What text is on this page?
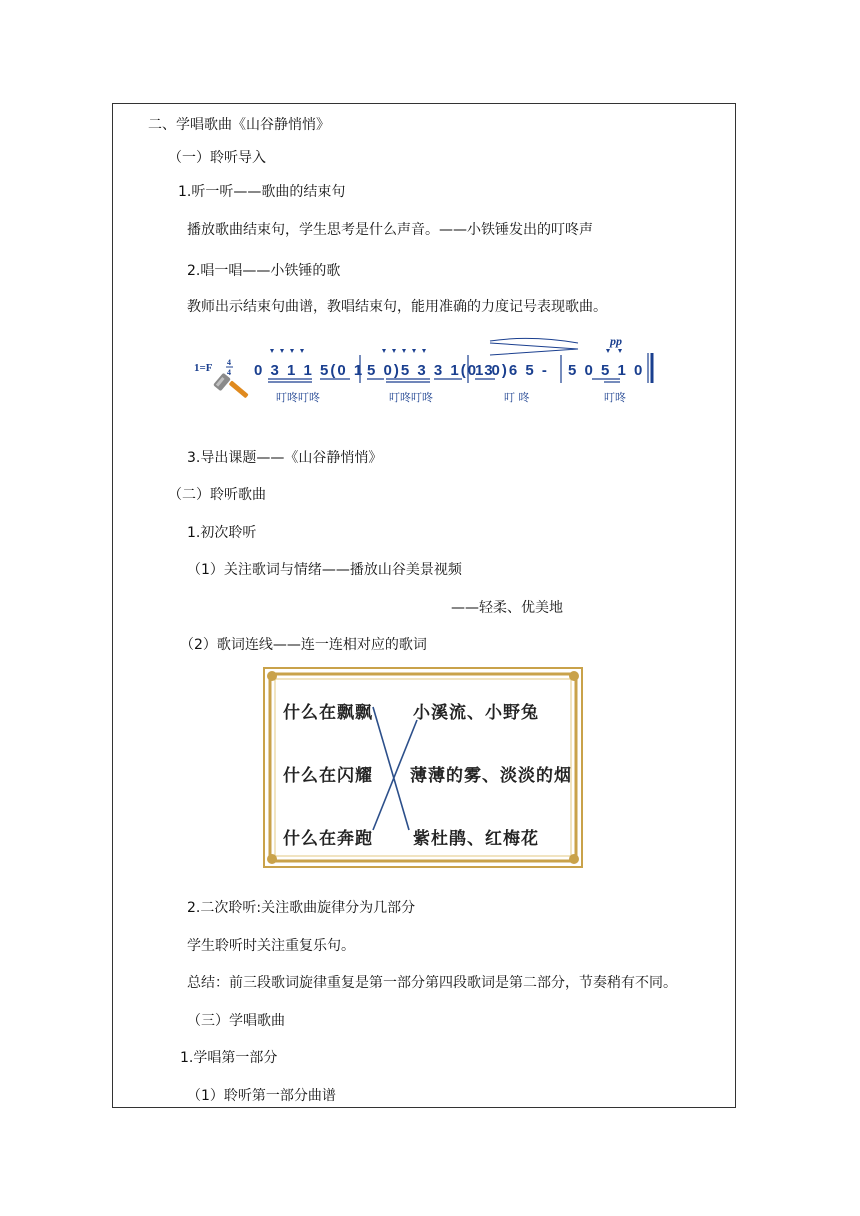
二、学唱歌曲《山谷静悄悄》
（一）聆听导入
1.听一听——歌曲的结束句
播放歌曲结束句，学生思考是什么声音。——小铁锤发出的叮咚声
2.唱一唱——小铁锤的歌
教师出示结束句曲谱，教唱结束句，能用准确的力度记号表现歌曲。
1=F 4
4 0 3 1 1 5(0 1 5 0)5 3 3 1(0 3
1 0)6 5 - 5 0 5 1 0
pp
叮咚叮咚	叮咚叮咚	叮 咚	叮咚
3.导出课题——《山谷静悄悄》
（二）聆听歌曲
1.初次聆听
（1）关注歌词与情绪——播放山谷美景视频
——轻柔、优美地
（2）歌词连线——连一连相对应的歌词
什么在飘飘
什么在闪耀
什么在奔跑
小溪流、小野兔
薄薄的雾、淡淡的烟
紫杜鹃、红梅花
2.二次聆听:关注歌曲旋律分为几部分
学生聆听时关注重复乐句。
总结：前三段歌词旋律重复是第一部分第四段歌词是第二部分，节奏稍有不同。
（三）学唱歌曲
1.学唱第一部分
（1）聆听第一部分曲谱
